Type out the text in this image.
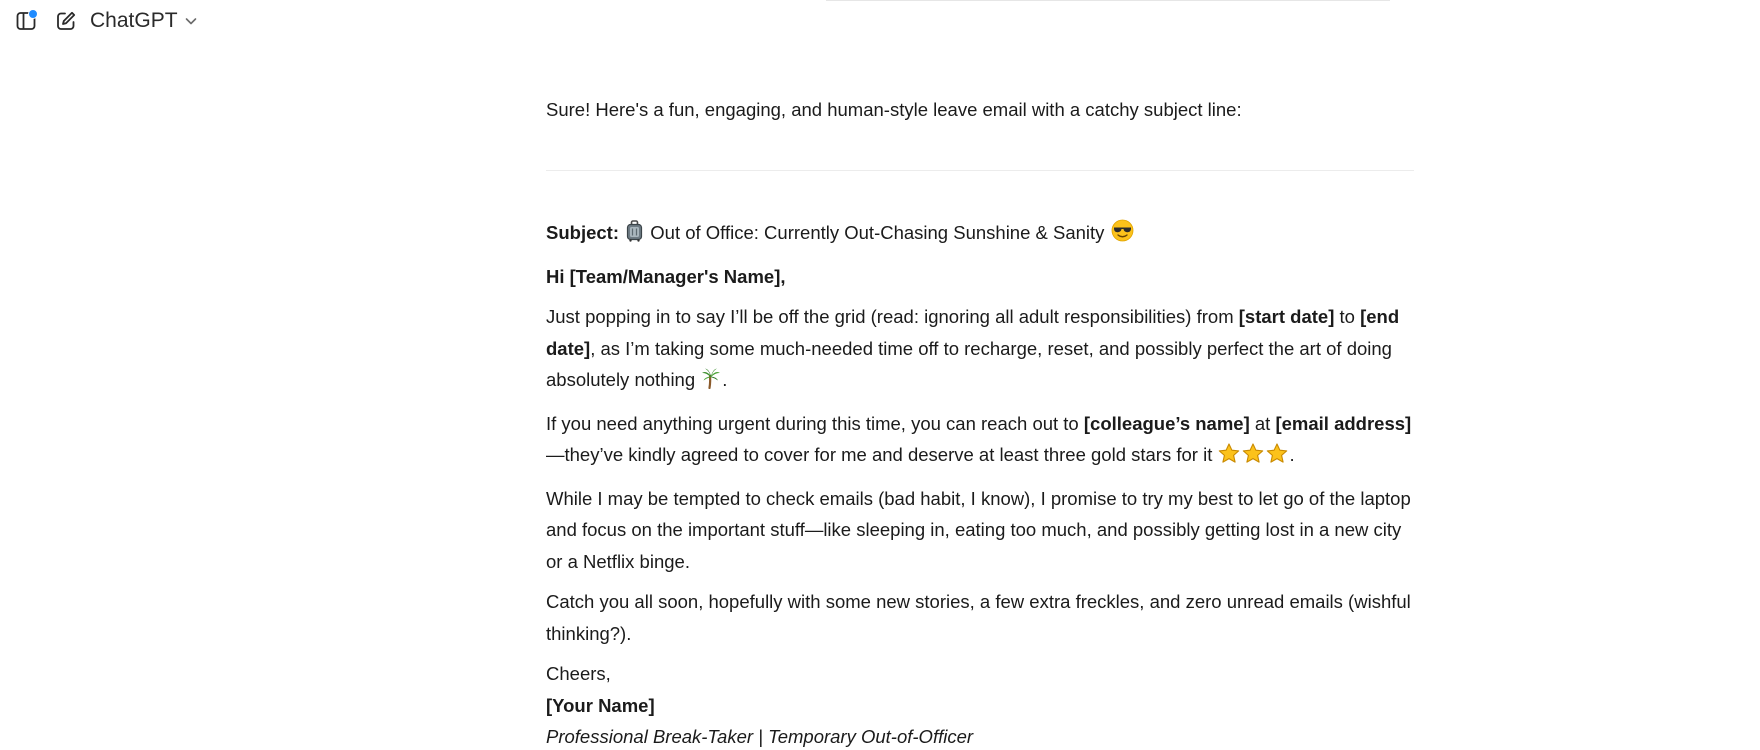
ChatGPT

Sure! Here's a fun, engaging, and human-style leave email with a catchy subject line:

Subject: Out of Office: Currently Out-Chasing Sunshine & Sanity

Hi [Team/Manager's Name],

Just popping in to say I’ll be off the grid (read: ignoring all adult responsibilities) from [start date] to [end date], as I’m taking some much-needed time off to recharge, reset, and possibly perfect the art of doing absolutely nothing .

If you need anything urgent during this time, you can reach out to [colleague’s name] at [email address]—they’ve kindly agreed to cover for me and deserve at least three gold stars for it	.

While I may be tempted to check emails (bad habit, I know), I promise to try my best to let go of the laptop and focus on the important stuff—like sleeping in, eating too much, and possibly getting lost in a new city or a Netflix binge.

Catch you all soon, hopefully with some new stories, a few extra freckles, and zero unread emails (wishful thinking?).

Cheers,

[Your Name]

Professional Break-Taker | Temporary Out-of-Officer
